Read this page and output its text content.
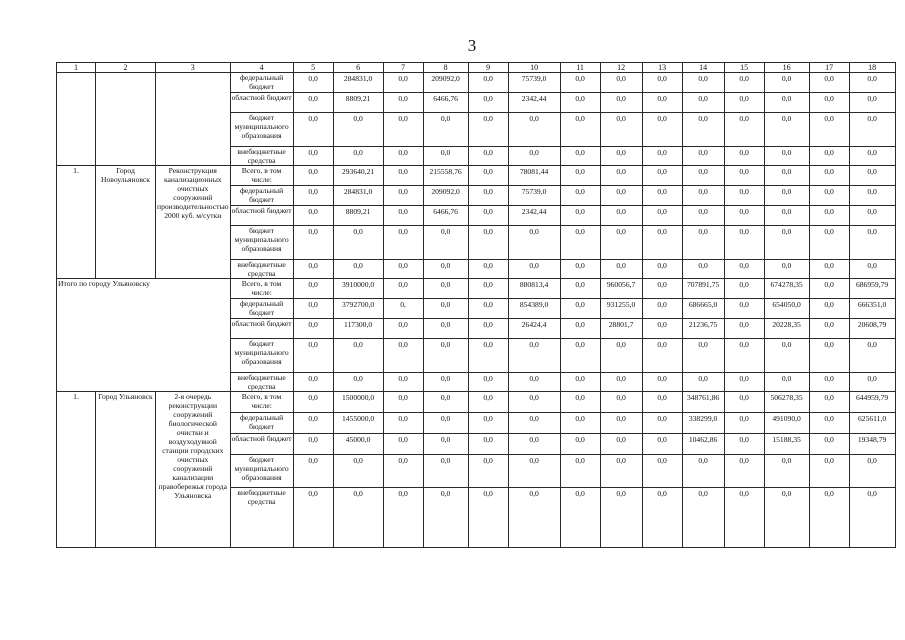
3
1	2	3	4	5	6	7	8	9	10	11	12	13	14	15	16	17	18
			федеральный бюджет	0,0	284831,0	0,0	209092,0	0,0	75739,0	0,0	0,0	0,0	0,0	0,0	0,0	0,0	0,0
			областной бюджет	0,0	8809,21	0,0	6466,76	0,0	2342,44	0,0	0,0	0,0	0,0	0,0	0,0	0,0	0,0
			бюджет муниципального образования	0,0	0,0	0,0	0,0	0,0	0,0	0,0	0,0	0,0	0,0	0,0	0,0	0,0	0,0
			внебюджетные средства	0,0	0,0	0,0	0,0	0,0	0,0	0,0	0,0	0,0	0,0	0,0	0,0	0,0	0,0
1.	Город Новоульяновск	Реконструкция канализационных очистных сооружений производительностью 2000 куб. м/сутки	Всего, в том числе:	0,0	293640,21	0,0	215558,76	0,0	78081,44	0,0	0,0	0,0	0,0	0,0	0,0	0,0	0,0
			федеральный бюджет	0,0	284831,0	0,0	209092,0	0,0	75739,0	0,0	0,0	0,0	0,0	0,0	0,0	0,0	0,0
			областной бюджет	0,0	8809,21	0,0	6466,76	0,0	2342,44	0,0	0,0	0,0	0,0	0,0	0,0	0,0	0,0
			бюджет муниципального образования	0,0	0,0	0,0	0,0	0,0	0,0	0,0	0,0	0,0	0,0	0,0	0,0	0,0	0,0
			внебюджетные средства	0,0	0,0	0,0	0,0	0,0	0,0	0,0	0,0	0,0	0,0	0,0	0,0	0,0	0,0
Итого по городу Ульяновску			Всего, в том числе:	0,0	3910000,0	0,0	0,0	0,0	880813,4	0,0	960056,7	0,0	707891,75	0,0	674278,35	0,0	686959,79
			федеральный бюджет	0,0	3792700,0	0,	0,0	0,0	854389,0	0,0	931255,0	0,0	686665,0	0,0	654050,0	0,0	666351,0
			областной бюджет	0,0	117300,0	0,0	0,0	0,0	26424,4	0,0	28801,7	0,0	21236,75	0,0	20228,35	0,0	20608,79
			бюджет муниципального образования	0,0	0,0	0,0	0,0	0,0	0,0	0,0	0,0	0,0	0,0	0,0	0,0	0,0	0,0
			внебюджетные средства	0,0	0,0	0,0	0,0	0,0	0,0	0,0	0,0	0,0	0,0	0,0	0,0	0,0	0,0
1.	Город Ульяновск	2-я очередь реконструкции сооружений биологической очистки и воздуходувной станции городских очистных сооружений канализации правобережья города Ульяновска	Всего, в том числе:	0,0	1500000,0	0,0	0,0	0,0	0,0	0,0	0,0	0,0	348761,86	0,0	506278,35	0,0	644959,79
			федеральный бюджет	0,0	1455000,0	0,0	0,0	0,0	0,0	0,0	0,0	0,0	338299,0	0,0	491090,0	0,0	625611,0
			областной бюджет	0,0	45000,0	0,0	0,0	0,0	0,0	0,0	0,0	0,0	10462,86	0,0	15188,35	0,0	19348,79
			бюджет муниципального образования	0,0	0,0	0,0	0,0	0,0	0,0	0,0	0,0	0,0	0,0	0,0	0,0	0,0	0,0
			внебюджетные средства	0,0	0,0	0,0	0,0	0,0	0,0	0,0	0,0	0,0	0,0	0,0	0,0	0,0	0,0
